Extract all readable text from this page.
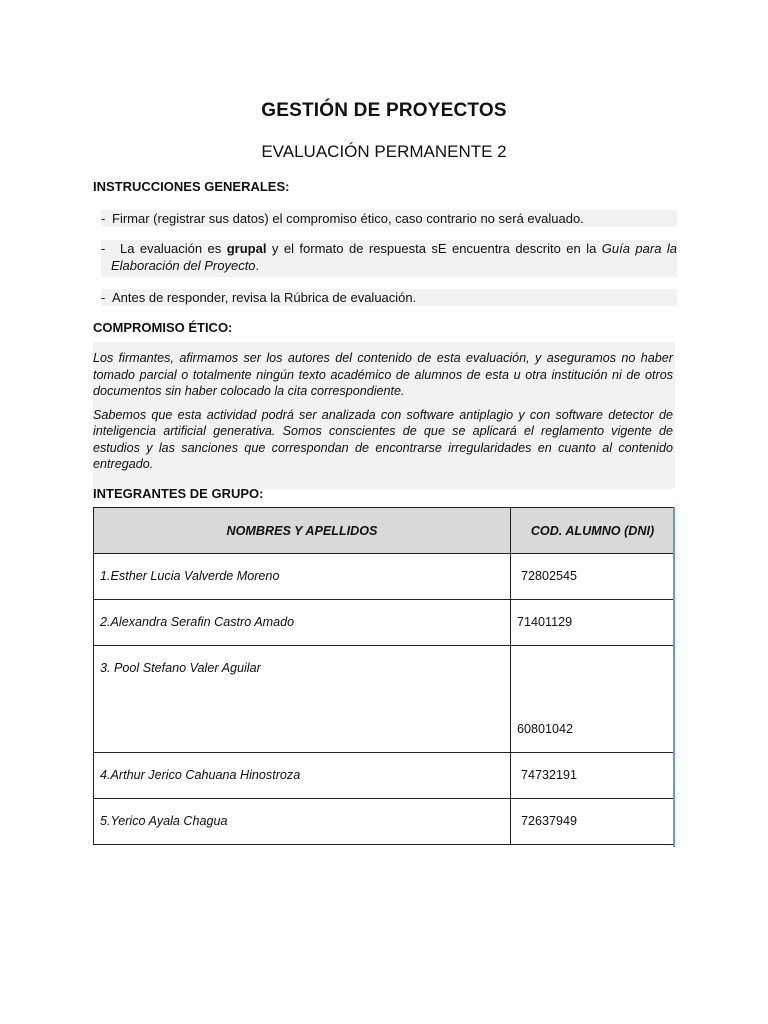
GESTIÓN DE PROYECTOS
EVALUACIÓN PERMANENTE 2
INSTRUCCIONES GENERALES:
- Firmar (registrar sus datos) el compromiso ético, caso contrario no será evaluado.
-	La evaluación es grupal y el formato de respuesta sE encuentra descrito en la Guía para la Elaboración del Proyecto.
- Antes de responder, revisa la Rúbrica de evaluación.
COMPROMISO ÉTICO:

Los firmantes, afirmamos ser los autores del contenido de esta evaluación, y aseguramos no haber tomado parcial o totalmente ningún texto académico de alumnos de esta u otra institución ni de otros documentos sin haber colocado la cita correspondiente.

Sabemos que esta actividad podrá ser analizada con software antiplagio y con software detector de inteligencia artificial generativa. Somos conscientes de que se aplicará el reglamento vigente de estudios y las sanciones que correspondan de encontrarse irregularidades en cuanto al contenido entregado.

INTEGRANTES DE GRUPO:
NOMBRES Y APELLIDOS	COD. ALUMNO (DNI)

1.Esther Lucia Valverde Moreno	72802545

2.Alexandra Serafin Castro Amado	71401129

3. Pool Stefano Valer Aguilar	60801042

4.Arthur Jerico Cahuana Hinostroza	74732191

5.Yerico Ayala Chagua	72637949
